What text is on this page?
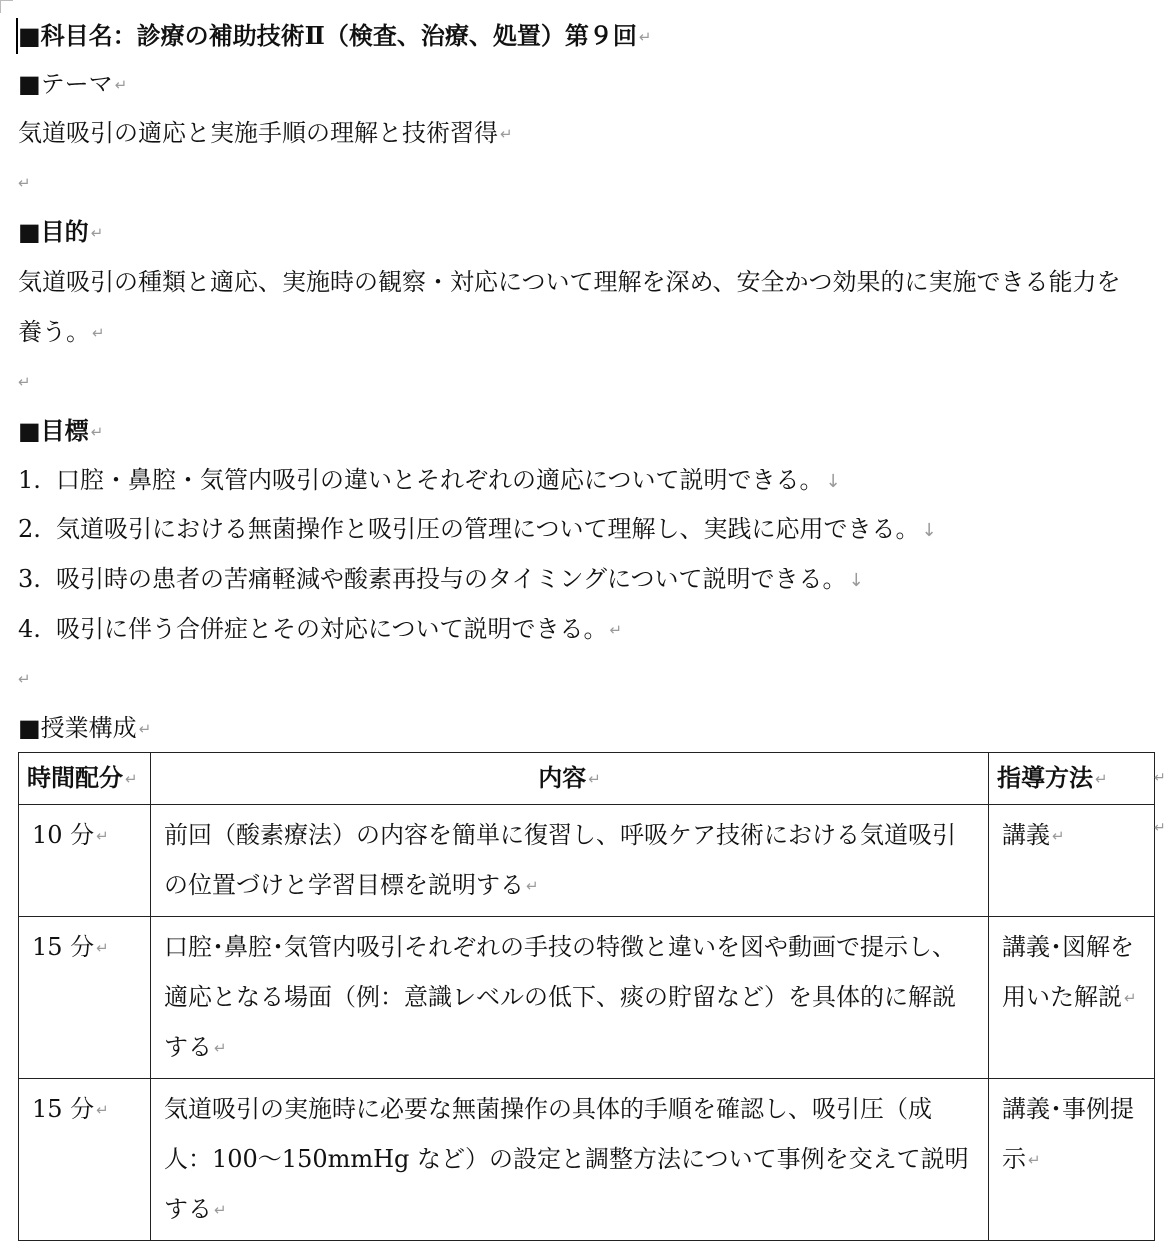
■科目名：診療の補助技術Ⅱ（検査、治療、処置）第９回 ↵
■テーマ ↵
気道吸引の適応と実施手順の理解と技術習得 ↵
↵
■目的 ↵
気道吸引の種類と適応、実施時の観察・対応について理解を深め、安全かつ効果的に実施できる能力を
養う。 ↵
↵
■目標 ↵
1. 口腔・鼻腔・気管内吸引の違いとそれぞれの適応について説明できる。 ↓
2. 気道吸引における無菌操作と吸引圧の管理について理解し、実践に応用できる。 ↓
3. 吸引時の患者の苦痛軽減や酸素再投与のタイミングについて説明できる。 ↓
4. 吸引に伴う合併症とその対応について説明できる。 ↵
↵
■授業構成 ↵
時間配分 ↵	内容 ↵	指導方法 ↵
10 分 ↵	前回（酸素療法）の内容を簡単に復習し、呼吸ケア技術における気道吸引の位置づけと学習目標を説明する ↵	講義 ↵
15 分 ↵	口腔･鼻腔･気管内吸引それぞれの手技の特徴と違いを図や動画で提示し、適応となる場面（例：意識レベルの低下、痰の貯留など）を具体的に解説する ↵	講義･図解を用いた解説 ↵
15 分 ↵	気道吸引の実施時に必要な無菌操作の具体的手順を確認し、吸引圧（成人：100〜150mmHg など）の設定と調整方法について事例を交えて説明する ↵	講義･事例提示 ↵
↵
↵
